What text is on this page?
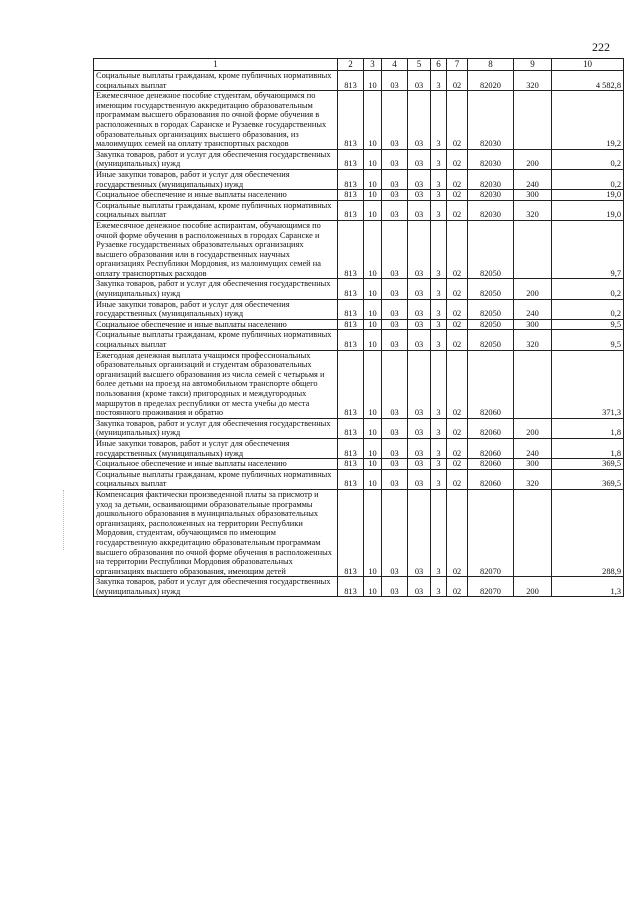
222
1	2	3	4	5	6	7	8	9	10
Социальные выплаты гражданам, кроме публичных нормативных социальных выплат	813	10	03	03	3	02	82020	320	4 582,8
Ежемесячное денежное пособие студентам, обучающимся по имеющим государственную аккредитацию образовательным программам высшего образования по очной форме обучения в расположенных в городах Саранске и Рузаевке государственных образовательных организациях высшего образования, из малоимущих семей на оплату транспортных расходов	813	10	03	03	3	02	82030		19,2
Закупка товаров, работ и услуг для обеспечения государственных (муниципальных) нужд	813	10	03	03	3	02	82030	200	0,2
Иные закупки товаров, работ и услуг для обеспечения государственных (муниципальных) нужд	813	10	03	03	3	02	82030	240	0,2
Социальное обеспечение и иные выплаты населению	813	10	03	03	3	02	82030	300	19,0
Социальные выплаты гражданам, кроме публичных нормативных социальных выплат	813	10	03	03	3	02	82030	320	19,0
Ежемесячное денежное пособие аспирантам, обучающимся по очной форме обучения в расположенных в городах Саранске и Рузаевке государственных образовательных организациях высшего образования или в государственных научных организациях Республики Мордовия, из малоимущих семей на оплату транспортных расходов	813	10	03	03	3	02	82050		9,7
Закупка товаров, работ и услуг для обеспечения государственных (муниципальных) нужд	813	10	03	03	3	02	82050	200	0,2
Иные закупки товаров, работ и услуг для обеспечения государственных (муниципальных) нужд	813	10	03	03	3	02	82050	240	0,2
Социальное обеспечение и иные выплаты населению	813	10	03	03	3	02	82050	300	9,5
Социальные выплаты гражданам, кроме публичных нормативных социальных выплат	813	10	03	03	3	02	82050	320	9,5
Ежегодная денежная выплата учащимся профессиональных образовательных организаций и студентам образовательных организаций высшего образования из числа семей с четырьмя и более детьми на проезд на автомобильном транспорте общего пользования (кроме такси) пригородных и междугородных маршрутов в пределах республики от места учебы до места постоянного проживания и обратно	813	10	03	03	3	02	82060		371,3
Закупка товаров, работ и услуг для обеспечения государственных (муниципальных) нужд	813	10	03	03	3	02	82060	200	1,8
Иные закупки товаров, работ и услуг для обеспечения государственных (муниципальных) нужд	813	10	03	03	3	02	82060	240	1,8
Социальное обеспечение и иные выплаты населению	813	10	03	03	3	02	82060	300	369,5
Социальные выплаты гражданам, кроме публичных нормативных социальных выплат	813	10	03	03	3	02	82060	320	369,5
Компенсация фактически произведенной платы за присмотр и уход за детьми, осваивающими образовательные программы дошкольного образования в муниципальных образовательных организациях, расположенных на территории Республики Мордовия, студентам, обучающимся по имеющим государственную аккредитацию образовательным программам высшего образования по очной форме обучения в расположенных на территории Республики Мордовия образовательных организациях высшего образования, имеющим детей	813	10	03	03	3	02	82070		288,9
Закупка товаров, работ и услуг для обеспечения государственных (муниципальных) нужд	813	10	03	03	3	02	82070	200	1,3
